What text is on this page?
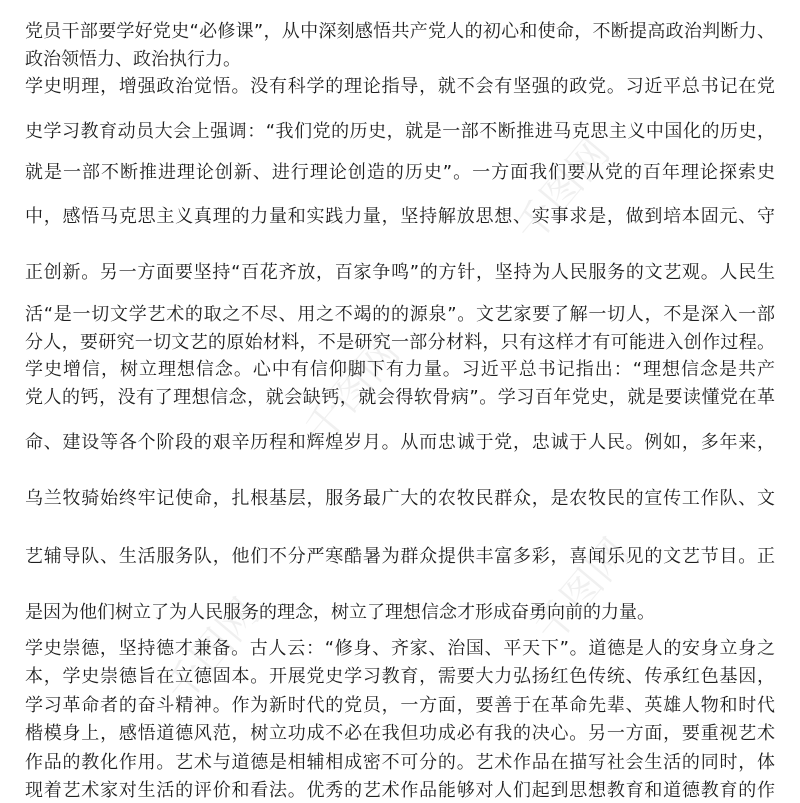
党员干部要学好党史“必修课”，从中深刻感悟共产党人的初心和使命，不断提高政治判断力、
政治领悟力、政治执行力。
学史明理，增强政治觉悟。没有科学的理论指导，就不会有坚强的政党。习近平总书记在党
史学习教育动员大会上强调：“我们党的历史，就是一部不断推进马克思主义中国化的历史，
就是一部不断推进理论创新、进行理论创造的历史”。一方面我们要从党的百年理论探索史
中，感悟马克思主义真理的力量和实践力量，坚持解放思想、实事求是，做到培本固元、守
正创新。另一方面要坚持“百花齐放，百家争鸣”的方针，坚持为人民服务的文艺观。人民生
活“是一切文学艺术的取之不尽、用之不竭的的源泉”。文艺家要了解一切人，不是深入一部
分人，要研究一切文艺的原始材料，不是研究一部分材料，只有这样才有可能进入创作过程。
学史增信，树立理想信念。心中有信仰脚下有力量。习近平总书记指出：“理想信念是共产
党人的钙，没有了理想信念，就会缺钙，就会得软骨病”。学习百年党史，就是要读懂党在革
命、建设等各个阶段的艰辛历程和辉煌岁月。从而忠诚于党，忠诚于人民。例如，多年来，
乌兰牧骑始终牢记使命，扎根基层，服务最广大的农牧民群众，是农牧民的宣传工作队、文
艺辅导队、生活服务队，他们不分严寒酷暑为群众提供丰富多彩，喜闻乐见的文艺节目。正
是因为他们树立了为人民服务的理念，树立了理想信念才形成奋勇向前的力量。
学史崇德，坚持德才兼备。古人云：“修身、齐家、治国、平天下”。道德是人的安身立身之
本，学史崇德旨在立德固本。开展党史学习教育，需要大力弘扬红色传统、传承红色基因，
学习革命者的奋斗精神。作为新时代的党员，一方面，要善于在革命先辈、英雄人物和时代
楷模身上，感悟道德风范，树立功成不必在我但功成必有我的决心。另一方面，要重视艺术
作品的教化作用。艺术与道德是相辅相成密不可分的。艺术作品在描写社会生活的同时，体
现着艺术家对生活的评价和看法。优秀的艺术作品能够对人们起到思想教育和道德教育的作
千图网	千图网
千图网
千图网
